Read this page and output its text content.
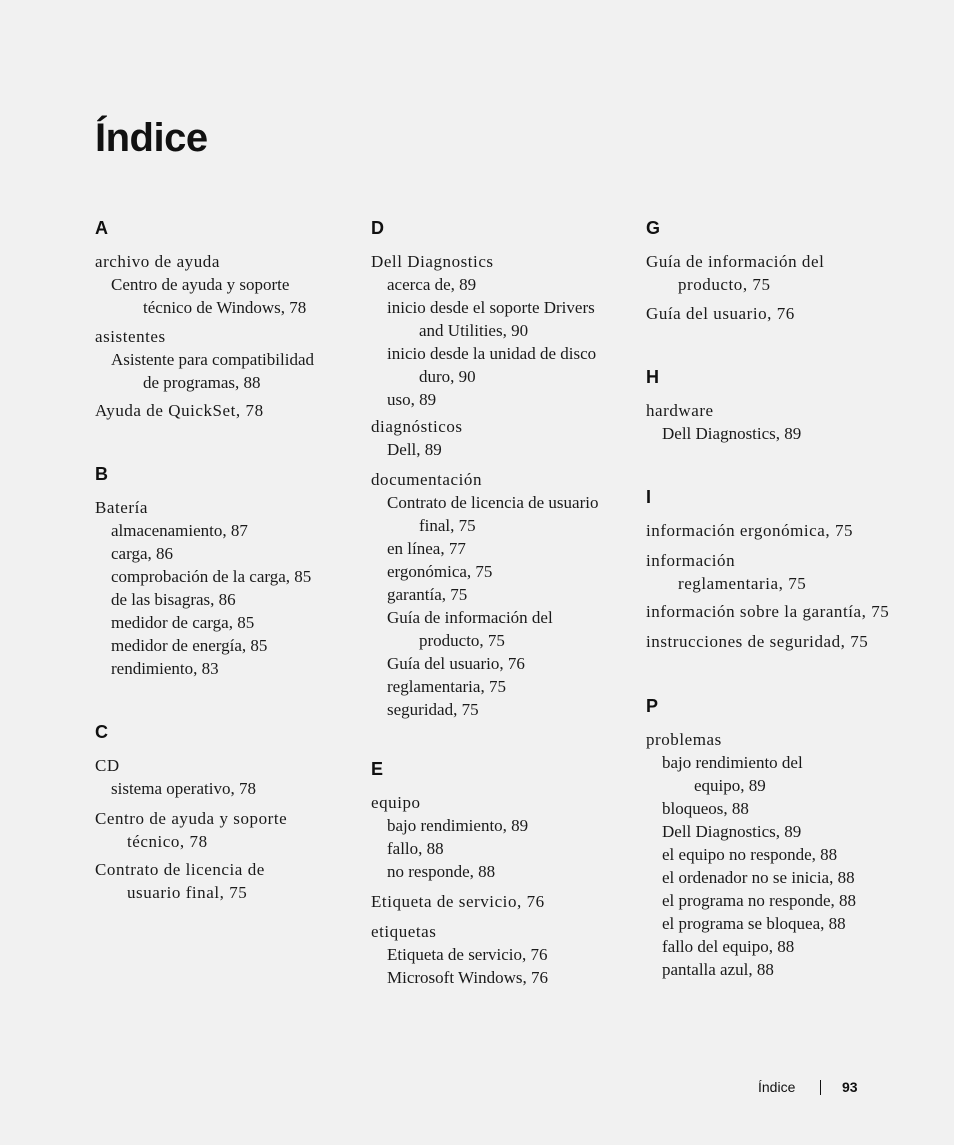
Índice
A
archivo de ayuda
Centro de ayuda y soporte
técnico de Windows, 78
asistentes
Asistente para compatibilidad
de programas, 88
Ayuda de QuickSet, 78
B
Batería
almacenamiento, 87
carga, 86
comprobación de la carga, 85
de las bisagras, 86
medidor de carga, 85
medidor de energía, 85
rendimiento, 83
C
CD
sistema operativo, 78
Centro de ayuda y soporte
técnico, 78
Contrato de licencia de
usuario final, 75
D
Dell Diagnostics
acerca de, 89
inicio desde el soporte Drivers
and Utilities, 90
inicio desde la unidad de disco
duro, 90
uso, 89
diagnósticos
Dell, 89
documentación
Contrato de licencia de usuario
final, 75
en línea, 77
ergonómica, 75
garantía, 75
Guía de información del
producto, 75
Guía del usuario, 76
reglamentaria, 75
seguridad, 75
E
equipo
bajo rendimiento, 89
fallo, 88
no responde, 88
Etiqueta de servicio, 76
etiquetas
Etiqueta de servicio, 76
Microsoft Windows, 76
G
Guía de información del
producto, 75
Guía del usuario, 76
H
hardware
Dell Diagnostics, 89
I
información ergonómica, 75
información
reglamentaria, 75
información sobre la garantía, 75
instrucciones de seguridad, 75
P
problemas
bajo rendimiento del
equipo, 89
bloqueos, 88
Dell Diagnostics, 89
el equipo no responde, 88
el ordenador no se inicia, 88
el programa no responde, 88
el programa se bloquea, 88
fallo del equipo, 88
pantalla azul, 88
Índice	93
